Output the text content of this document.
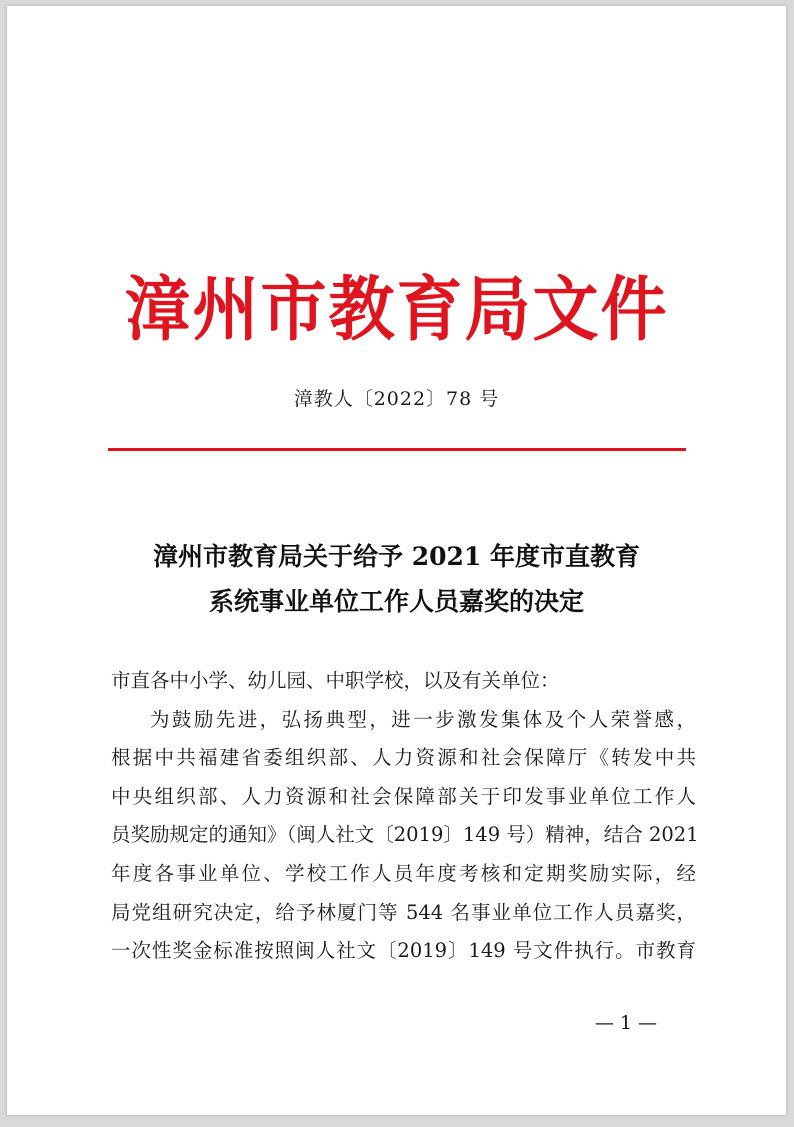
漳州市教育局文件
漳教人〔2022〕78 号
漳州市教育局关于给予 2021 年度市直教育
系统事业单位工作人员嘉奖的决定
市直各中小学、幼儿园、中职学校，以及有关单位：
为鼓励先进，弘扬典型，进一步激发集体及个人荣誉感，
根据中共福建省委组织部、人力资源和社会保障厅《转发中共
中央组织部、人力资源和社会保障部关于印发事业单位工作人
员奖励规定的通知》（闽人社文〔2019〕149 号）精神，结合 2021
年度各事业单位、学校工作人员年度考核和定期奖励实际，经
局党组研究决定，给予林厦门等 544 名事业单位工作人员嘉奖，
一次性奖金标准按照闽人社文〔2019〕149 号文件执行。市教育
— 1 —
